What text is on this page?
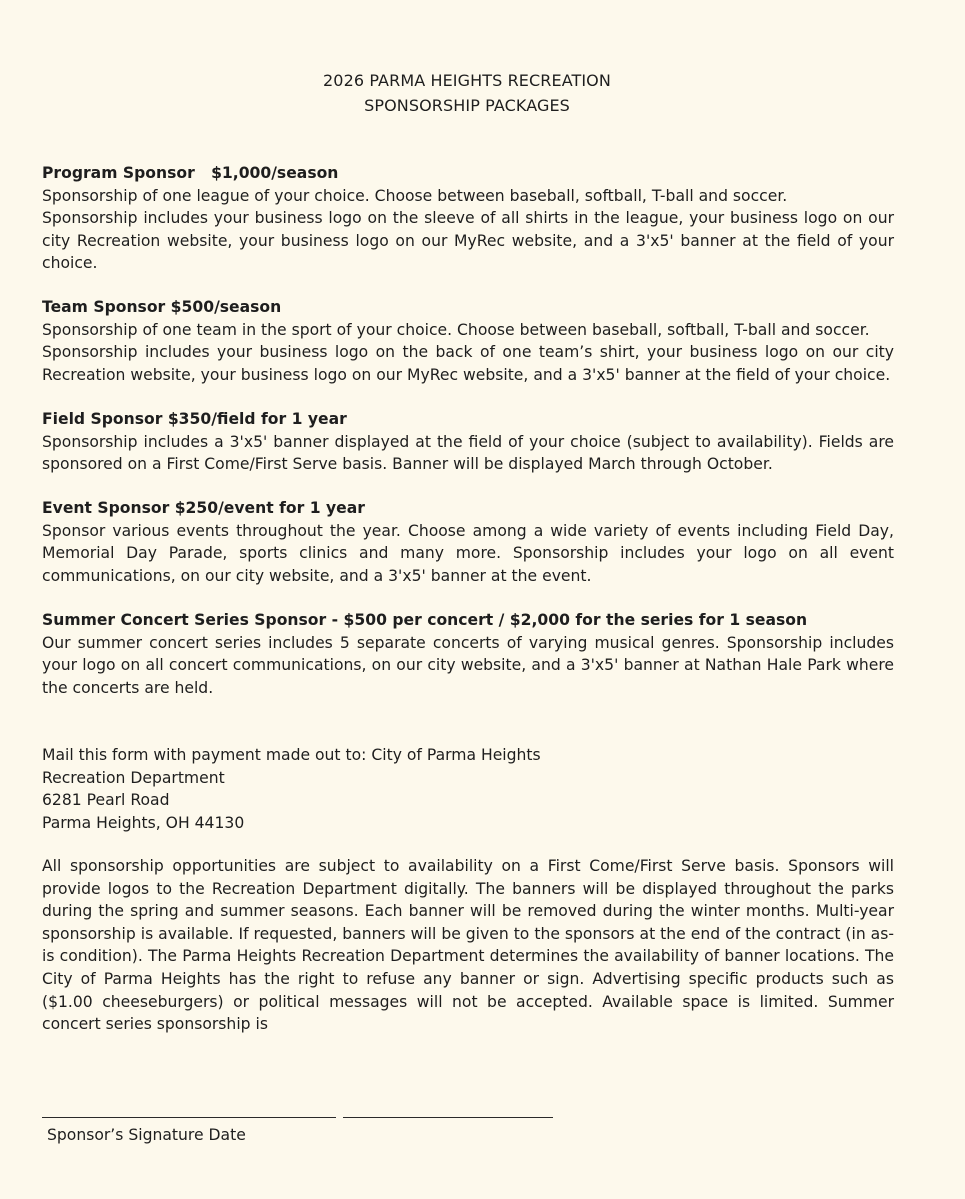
2026 PARMA HEIGHTS RECREATION
SPONSORSHIP PACKAGES
Program Sponsor   $1,000/season
Sponsorship of one league of your choice. Choose between baseball, softball, T-ball and soccer.
Sponsorship includes your business logo on the sleeve of all shirts in the league, your business logo on our city Recreation website, your business logo on our MyRec website, and a 3'x5' banner at the field of your choice.
Team Sponsor $500/season
Sponsorship of one team in the sport of your choice. Choose between baseball, softball, T-ball and soccer.
Sponsorship includes your business logo on the back of one team’s shirt, your business logo on our city Recreation website, your business logo on our MyRec website, and a 3'x5' banner at the field of your choice.
Field Sponsor $350/field for 1 year
Sponsorship includes a 3'x5' banner displayed at the field of your choice (subject to availability). Fields are sponsored on a First Come/First Serve basis. Banner will be displayed March through October.
Event Sponsor $250/event for 1 year
Sponsor various events throughout the year. Choose among a wide variety of events including Field Day, Memorial Day Parade, sports clinics and many more. Sponsorship includes your logo on all event communications, on our city website, and a 3'x5' banner at the event.
Summer Concert Series Sponsor - $500 per concert / $2,000 for the series for 1 season
Our summer concert series includes 5 separate concerts of varying musical genres. Sponsorship includes your logo on all concert communications, on our city website, and a 3'x5' banner at Nathan Hale Park where the concerts are held.
Mail this form with payment made out to: City of Parma Heights
Recreation Department
6281 Pearl Road
Parma Heights, OH 44130
All sponsorship opportunities are subject to availability on a First Come/First Serve basis. Sponsors will provide logos to the Recreation Department digitally. The banners will be displayed throughout the parks during the spring and summer seasons. Each banner will be removed during the winter months. Multi-year sponsorship is available. If requested, banners will be given to the sponsors at the end of the contract (in as-is condition). The Parma Heights Recreation Department determines the availability of banner locations. The City of Parma Heights has the right to refuse any banner or sign. Advertising specific products such as ($1.00 cheeseburgers) or political messages will not be accepted. Available space is limited. Summer concert series sponsorship is
Sponsor’s Signature Date
